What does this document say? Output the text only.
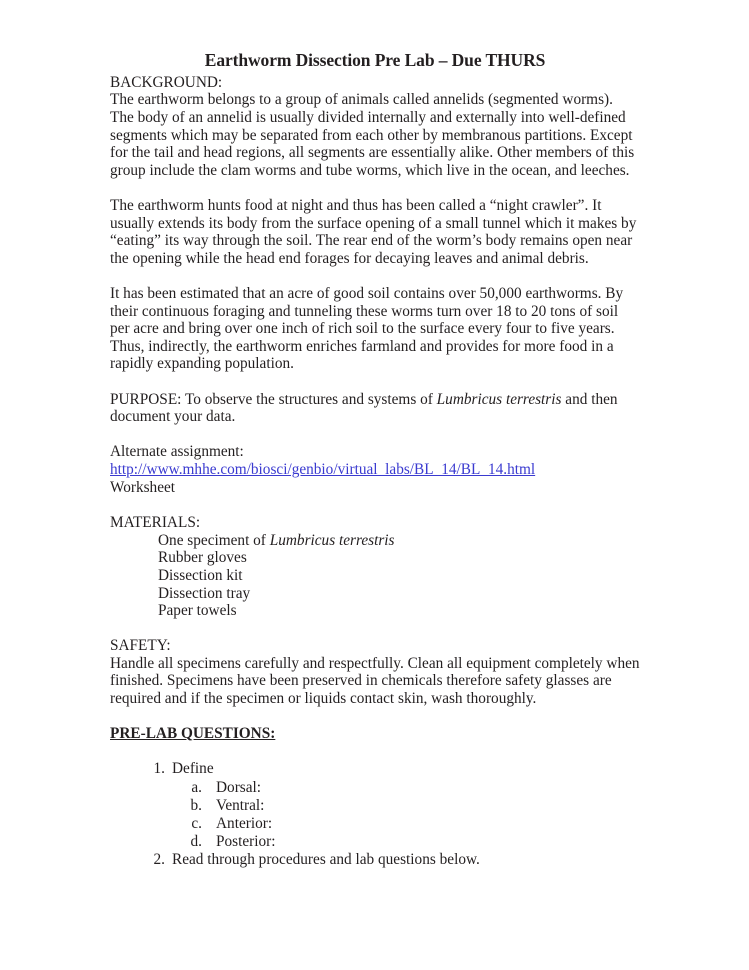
Earthworm Dissection Pre Lab – Due THURS
BACKGROUND:

The earthworm belongs to a group of animals called annelids (segmented worms). The body of an annelid is usually divided internally and externally into well-defined segments which may be separated from each other by membranous partitions. Except for the tail and head regions, all segments are essentially alike. Other members of this group include the clam worms and tube worms, which live in the ocean, and leeches.

The earthworm hunts food at night and thus has been called a “night crawler”. It usually extends its body from the surface opening of a small tunnel which it makes by “eating” its way through the soil. The rear end of the worm’s body remains open near the opening while the head end forages for decaying leaves and animal debris.

It has been estimated that an acre of good soil contains over 50,000 earthworms. By their continuous foraging and tunneling these worms turn over 18 to 20 tons of soil per acre and bring over one inch of rich soil to the surface every four to five years. Thus, indirectly, the earthworm enriches farmland and provides for more food in a rapidly expanding population.

PURPOSE: To observe the structures and systems of Lumbricus terrestris and then document your data.

Alternate assignment:
http://www.mhhe.com/biosci/genbio/virtual_labs/BL_14/BL_14.html
Worksheet

MATERIALS:
One speciment of Lumbricus terrestris
Rubber gloves
Dissection kit
Dissection tray
Paper towels

SAFETY:

Handle all specimens carefully and respectfully. Clean all equipment completely when finished. Specimens have been preserved in chemicals therefore safety glasses are required and if the specimen or liquids contact skin, wash thoroughly.

PRE-LAB QUESTIONS:

Define
Dorsal:
Ventral:
Anterior:
Posterior:
Read through procedures and lab questions below.
